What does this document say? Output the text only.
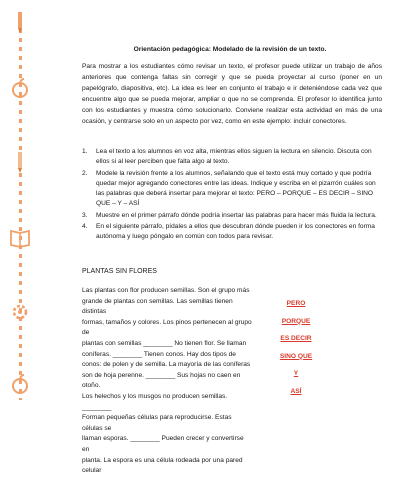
Orientación pedagógica: Modelado de la revisión de un texto.
Para mostrar a los estudiantes cómo revisar un texto, el profesor puede utilizar un trabajo de años anteriores que contenga faltas sin corregir y que se pueda proyectar al curso (poner en un papelógrafo, diapositiva, etc). La idea es leer en conjunto el trabajo e ir deteniéndose cada vez que encuentre algo que se pueda mejorar, ampliar o que no se comprenda. El profesor lo identifica junto con los estudiantes y muestra cómo solucionarlo. Conviene realizar esta actividad en más de una ocasión, y centrarse solo en un aspecto por vez, como en este ejemplo: incluir conectores.
1. Lea el texto a los alumnos en voz alta, mientras ellos siguen la lectura en silencio. Discuta con ellos si al leer perciben que falta algo al texto.
2. Modele la revisión frente a los alumnos, señalando que el texto está muy cortado y que podría quedar mejor agregando conectores entre las ideas. Indique y escriba en el pizarrón cuáles son las palabras que deberá insertar para mejorar el texto: PERO – PORQUE – ES DECIR – SINO QUE – Y – ASÍ
3. Muestre en el primer párrafo dónde podría insertar las palabras para hacer más fluida la lectura.
4. En el siguiente párrafo, pídales a ellos que descubran dónde pueden ir los conectores en forma autónoma y luego póngalo en común con todos para revisar.
PLANTAS SIN FLORES
Las plantas con flor producen semillas. Son el grupo más
grande de plantas con semillas. Las semillas tienen distintas
formas, tamaños y colores. Los pinos pertenecen al grupo de
plantas con semillas ________ No tienen flor. Se llaman
coníferas. ________ Tienen conos. Hay dos tipos de
conos: de polen y de semilla. La mayoría de las coníferas
son de hoja perenne. ________ Sus hojas no caen en
otoño.
Los helechos y los musgos no producen semillas. ________
Forman pequeñas células para reproducirse. Estas células se
llaman esporas. ________ Pueden crecer y convertirse en
planta. La espora es una célula rodeada por una pared celular
PERO
PORQUE
ES DECIR
SINO QUE
Y
ASÍ
